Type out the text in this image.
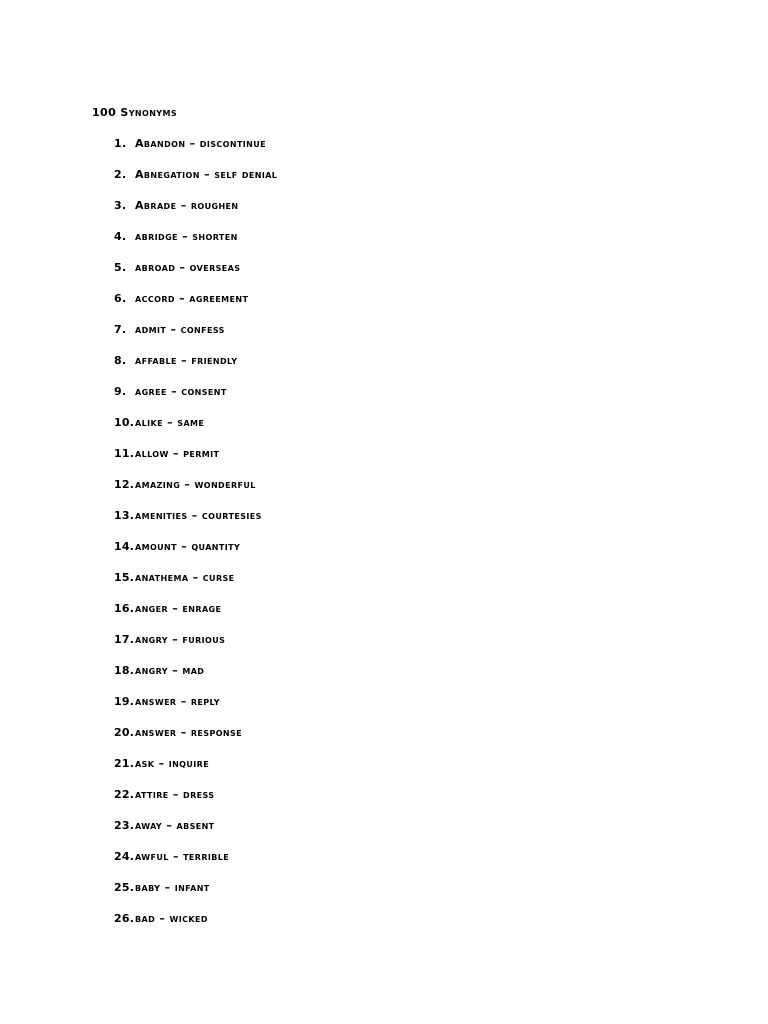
100 Synonyms
1. Abandon – discontinue
2. Abnegation – self denial
3. Abrade – roughen
4. abridge – shorten
5. abroad – overseas
6. accord – agreement
7. admit – confess
8. affable – friendly
9. agree – consent
10. alike – same
11. allow – permit
12. amazing – wonderful
13. amenities – courtesies
14. amount – quantity
15. anathema – curse
16. anger – enrage
17. angry – furious
18. angry – mad
19. answer – reply
20. answer – response
21. ask – inquire
22. attire – dress
23. away – absent
24. awful – terrible
25. baby – infant
26. bad – wicked
